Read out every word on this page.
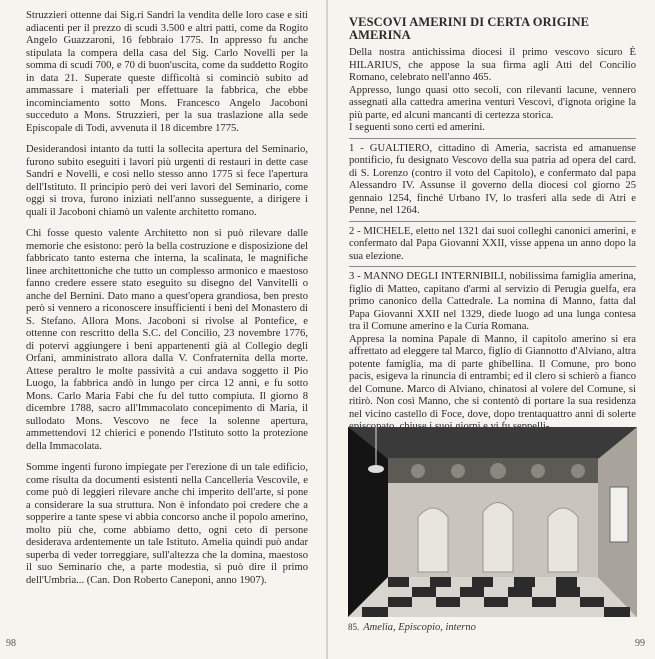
Struzzieri ottenne dai Sig.ri Sandri la vendita delle loro case e siti adiacenti per il prezzo di scudi 3.500 e altri patti, come da Rogito Angelo Guazzaroni, 16 febbraio 1775. In appresso fu anche stipulata la compera della casa del Sig. Carlo Novelli per la somma di scudi 700, e 70 di buon'uscita, come da suddetto Rogito in data 21. Superate queste difficoltà si cominciò subito ad ammassare i materiali per effettuare la fabbrica, che ebbe incominciamento sotto Mons. Francesco Angelo Jacoboni succeduto a Mons. Struzzieri, per la sua traslazione alla sede Episcopale di Todi, avvenuta il 18 dicembre 1775.

Desiderandosi intanto da tutti la sollecita apertura del Seminario, furono subito eseguiti i lavori più urgenti di restauri in dette case Sandri e Novelli, e così nello stesso anno 1775 si fece l'apertura dell'Istituto. Il principio però dei veri lavori del Seminario, come oggi si trova, furono iniziati nell'anno susseguente, a dirigere i quali il Jacoboni chiamò un valente architetto romano.

Chi fosse questo valente Architetto non si può rilevare dalle memorie che esistono: però la bella costruzione e disposizione del fabbricato tanto esterna che interna, la scalinata, le magnifiche linee architettoniche che tutto un complesso armonico e maestoso fanno credere essere stato eseguito su disegno del Vanvitelli o anche del Bernini. Dato mano a quest'opera grandiosa, ben presto però si vennero a riconoscere insufficienti i beni del Monastero di S. Stefano. Allora Mons. Jacoboni si rivolse al Pontefice, e ottenne con rescritto della S.C. del Concilio, 23 novembre 1776, di potervi aggiungere i beni appartenenti già al Collegio degli Orfani, amministrato allora dalla V. Confraternita della morte. Attese peraltro le molte passività a cui andava soggetto il Pio Luogo, la fabbrica andò in lungo per circa 12 anni, e fu sotto Mons. Carlo Maria Fabi che fu del tutto compiuta. Il giorno 8 dicembre 1788, sacro all'Immacolato concepimento di Maria, il sullodato Mons. Vescovo ne fece la solenne apertura, ammettendovi 12 chierici e ponendo l'Istituto sotto la protezione della Immacolata.

Somme ingenti furono impiegate per l'erezione di un tale edificio, come risulta da documenti esistenti nella Cancelleria Vescovile, e come può di leggieri rilevare anche chi imperito dell'arte, si pone a considerare la sua struttura. Non è infondato poi credere che a sopperire a tante spese vi abbia concorso anche il popolo amerino, molto più che, come abbiamo detto, ogni ceto di persone desiderava ardentemente un tale Istituto. Amelia quindi può andar superba di veder torreggiare, sull'altezza che la domina, maestoso il suo Seminario che, a parte modestia, si può dire il primo dell'Umbria... (Can. Don Roberto Caneponi, anno 1907).

98
VESCOVI AMERINI DI CERTA ORIGINE AMERINA

Della nostra antichissima diocesi il primo vescovo sicuro È HILARIUS, che appose la sua firma agli Atti del Concilio Romano, celebrato nell'anno 465.

Appresso, lungo quasi otto secoli, con rilevanti lacune, vennero assegnati alla cattedra amerina venturi Vescovi, d'ignota origine la più parte, ed alcuni mancanti di certezza storica.

I seguenti sono certi ed amerini.

1 - GUALTIERO, cittadino di Ameria, sacrista ed amanuense pontificio, fu designato Vescovo della sua patria ad opera del card. di S. Lorenzo (contro il voto del Capitolo), e confermato dal papa Alessandro IV. Assunse il governo della diocesi col giorno 25 gennaio 1254, finché Urbano IV, lo trasferì alla sede di Atri e Penne, nel 1264.

2 - MICHELE, eletto nel 1321 dai suoi colleghi canonici amerini, e confermato dal Papa Giovanni XXII, visse appena un anno dopo la sua elezione.

3 - MANNO DEGLI INTERNIBILI, nobilissima famiglia amerina, figlio di Matteo, capitano d'armi al servizio di Perugia guelfa, era primo canonico della Cattedrale. La nomina di Manno, fatta dal Papa Giovanni XXII nel 1329, diede luogo ad una lunga contesa tra il Comune amerino e la Curia Romana.

Appresa la nomina Papale di Manno, il capitolo amerino si era affrettato ad eleggere tal Marco, figlio di Giannotto d'Alviano, altra potente famiglia, ma di parte ghibellina. Il Comune, pro bono pacis, esigeva la rinuncia di entrambi; ed il clero si schierò a fianco del Comune. Marco di Alviano, chinatosi al volere del Comune, si ritirò. Non così Manno, che si contentò di portare la sua residenza nel vicino castello di Foce, dove, dopo trentaquattro anni di solerte

85. Amelia, Episcopio, interno
99
